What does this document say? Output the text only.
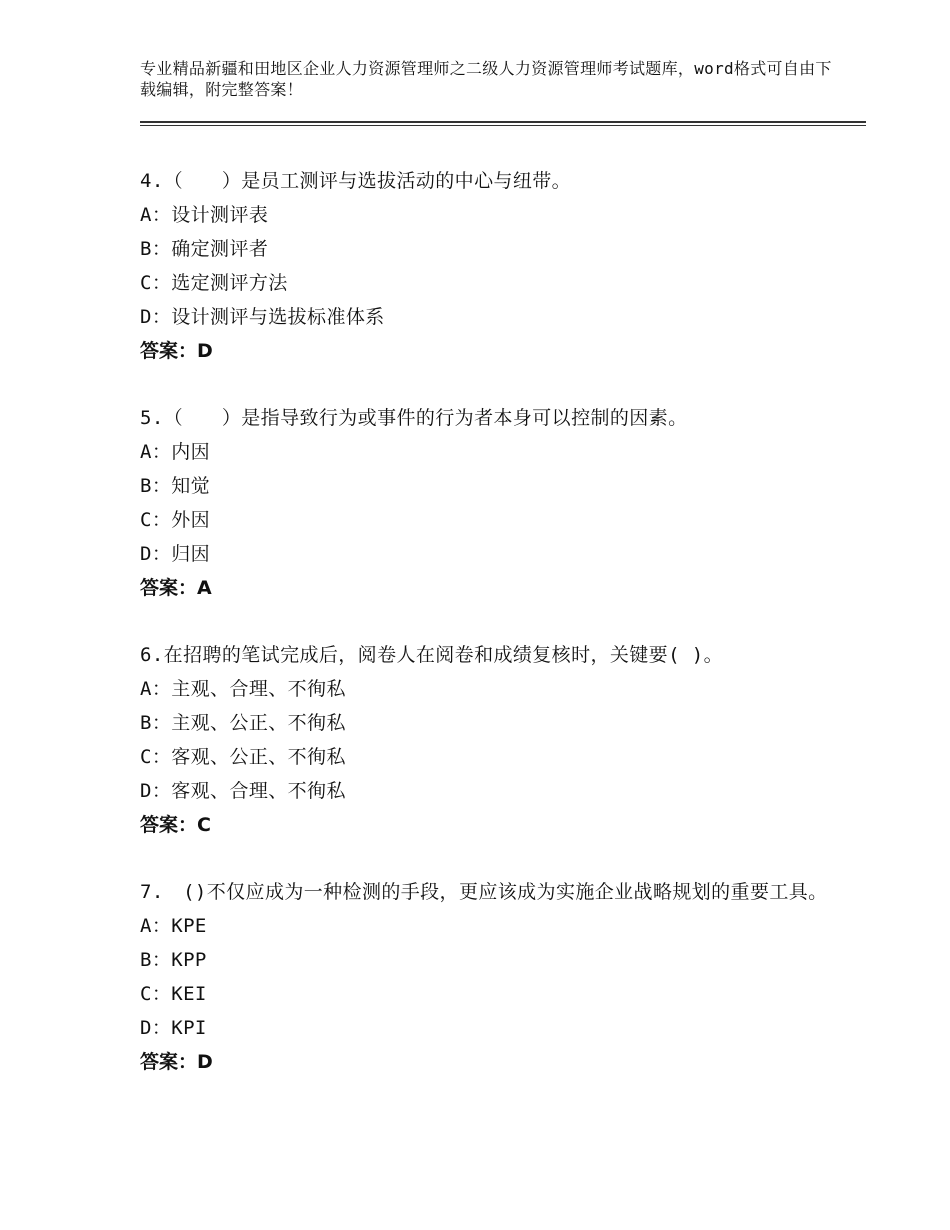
专业精品新疆和田地区企业人力资源管理师之二级人力资源管理师考试题库，word格式可自由下载编辑，附完整答案！
4.（　　）是员工测评与选拔活动的中心与纽带。
A：设计测评表
B：确定测评者
C：选定测评方法
D：设计测评与选拔标准体系
答案：D
5.（　　）是指导致行为或事件的行为者本身可以控制的因素。
A：内因
B：知觉
C：外因
D：归因
答案：A
6.在招聘的笔试完成后，阅卷人在阅卷和成绩复核时，关键要( )。
A：主观、合理、不徇私
B：主观、公正、不徇私
C：客观、公正、不徇私
D：客观、合理、不徇私
答案：C
7.　()不仅应成为一种检测的手段，更应该成为实施企业战略规划的重要工具。
A：KPE
B：KPP
C：KEI
D：KPI
答案：D
